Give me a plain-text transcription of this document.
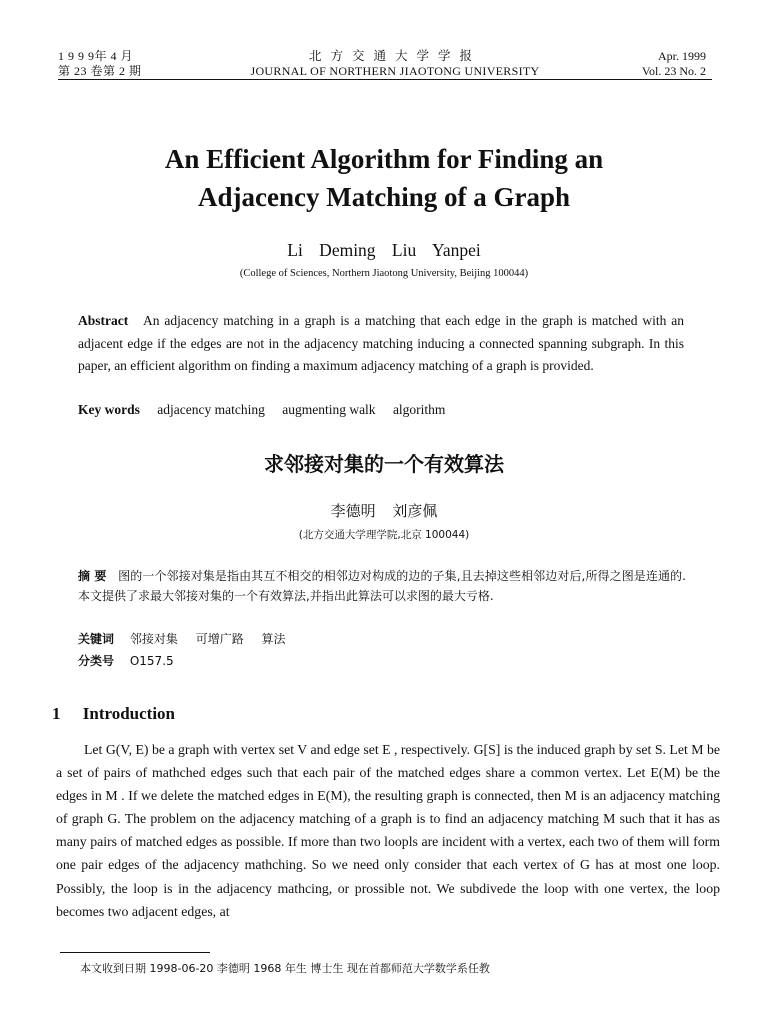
1 9 9 9年 4 月
第 23 卷第 2 期
北方交通大学学报
JOURNAL OF NORTHERN JIAOTONG UNIVERSITY
Apr. 1999
Vol. 23 No. 2
An Efficient Algorithm for Finding an
Adjacency Matching of a Graph
Li Deming Liu Yanpei
(College of Sciences, Northern Jiaotong University, Beijing 100044)
Abstract An adjacency matching in a graph is a matching that each edge in the graph is matched with an adjacent edge if the edges are not in the adjacency matching inducing a connected spanning subgraph. In this paper, an efficient algorithm on finding a maximum adjacency matching of a graph is provided.
Key words adjacency matching augmenting walk algorithm
求邻接对集的一个有效算法
李德明 刘彦佩
(北方交通大学理学院,北京 100044)
摘 要 图的一个邻接对集是指由其互不相交的相邻边对构成的边的子集,且去掉这些相邻边对后,所得之图是连通的.本文提供了求最大邻接对集的一个有效算法,并指出此算法可以求图的最大亏格.
关键词 邻接对集 可增广路 算法
分类号 O157.5
1 Introduction

Let G(V, E) be a graph with vertex set V and edge set E , respectively. G[S] is the induced graph by set S. Let M be a set of pairs of mathched edges such that each pair of the matched edges share a common vertex. Let E(M) be the edges in M . If we delete the matched edges in E(M), the resulting graph is connected, then M is an adjacency matching of graph G. The problem on the adjacency matching of a graph is to find an adjacency matching M such that it has as many pairs of matched edges as possible. If more than two loopls are incident with a vertex, each two of them will form one pair edges of the adjacency mathching. So we need only consider that each vertex of G has at most one loop. Possibly, the loop is in the adjacency mathcing, or prossible not. We subdivede the loop with one vertex, the loop becomes two adjacent edges, at

本文收到日期 1998-06-20 李德明 1968 年生 博士生 现在首都师范大学数学系任教
